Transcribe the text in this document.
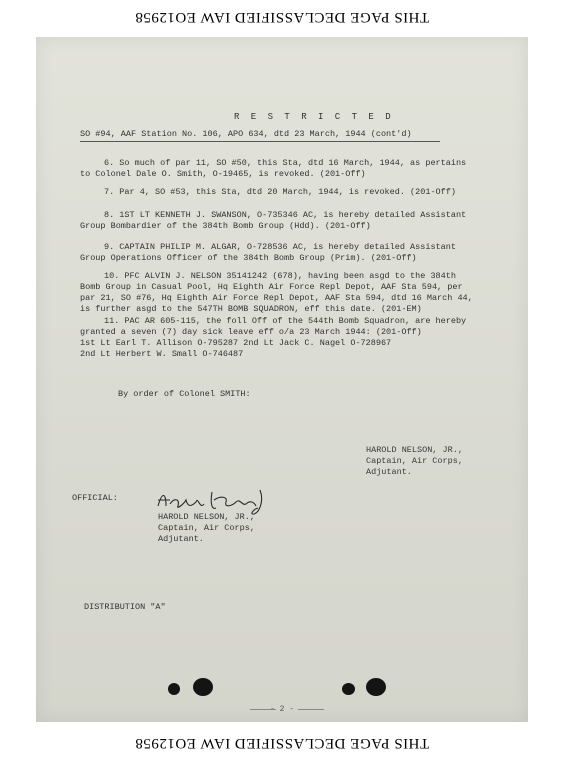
THIS PAGE DECLASSIFIED IAW EO12958
R E S T R I C T E D
SO #94, AAF Station No. 106, APO 634, dtd 23 March, 1944 (cont'd)
6. So much of par 11, SO #50, this Sta, dtd 16 March, 1944, as pertains
to Colonel Dale O. Smith, O-19465, is revoked. (201-Off)
7. Par 4, SO #53, this Sta, dtd 20 March, 1944, is revoked. (201-Off)
8. 1ST LT KENNETH J. SWANSON, O-735346 AC, is hereby detailed Assistant
Group Bombardier of the 384th Bomb Group (Hdd). (201-Off)
9. CAPTAIN PHILIP M. ALGAR, O-728536 AC, is hereby detailed Assistant
Group Operations Officer of the 384th Bomb Group (Prim). (201-Off)
10. PFC ALVIN J. NELSON 35141242 (678), having been asgd to the 384th
Bomb Group in Casual Pool, Hq Eighth Air Force Repl Depot, AAF Sta 594, per
par 21, SO #76, Hq Eighth Air Force Repl Depot, AAF Sta 594, dtd 16 March 44,
is further asgd to the 547TH BOMB SQUADRON, eff this date. (201-EM)
11. PAC AR 605-115, the foll Off of the 544th Bomb Squadron, are hereby
granted a seven (7) day sick leave eff o/a 23 March 1944: (201-Off)
1st Lt Earl T. Allison O-795287 2nd Lt Jack C. Nagel O-728967
2nd Lt Herbert W. Small O-746487
By order of Colonel SMITH:
HAROLD NELSON, JR.,
Captain, Air Corps,
Adjutant.
OFFICIAL:
HAROLD NELSON, JR.,
Captain, Air Corps,
Adjutant.
DISTRIBUTION "A"
- 2 -
THIS PAGE DECLASSIFIED IAW EO12958
